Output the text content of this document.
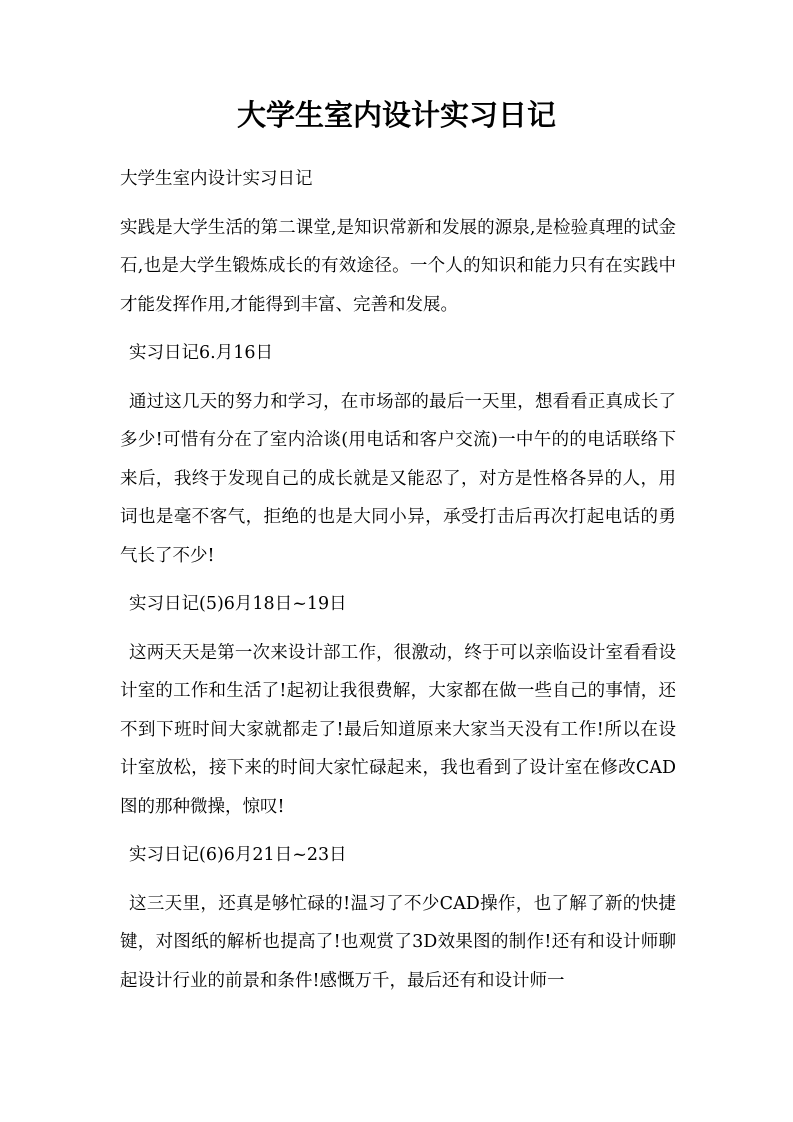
大学生室内设计实习日记

大学生室内设计实习日记

实践是大学生活的第二课堂,是知识常新和发展的源泉,是检验真理的试金石,也是大学生锻炼成长的有效途径。一个人的知识和能力只有在实践中才能发挥作用,才能得到丰富、完善和发展。

实习日记6.月16日

通过这几天的努力和学习，在市场部的最后一天里，想看看正真成长了多少!可惜有分在了室内洽谈(用电话和客户交流)一中午的的电话联络下来后，我终于发现自己的成长就是又能忍了，对方是性格各异的人，用词也是毫不客气，拒绝的也是大同小异，承受打击后再次打起电话的勇气长了不少!

实习日记(5)6月18日~19日

这两天天是第一次来设计部工作，很激动，终于可以亲临设计室看看设计室的工作和生活了!起初让我很费解，大家都在做一些自己的事情，还不到下班时间大家就都走了!最后知道原来大家当天没有工作!所以在设计室放松，接下来的时间大家忙碌起来，我也看到了设计室在修改CAD图的那种微操，惊叹!

实习日记(6)6月21日~23日

这三天里，还真是够忙碌的!温习了不少CAD操作，也了解了新的快捷键，对图纸的解析也提高了!也观赏了3D效果图的制作!还有和设计师聊起设计行业的前景和条件!感慨万千，最后还有和设计师一
